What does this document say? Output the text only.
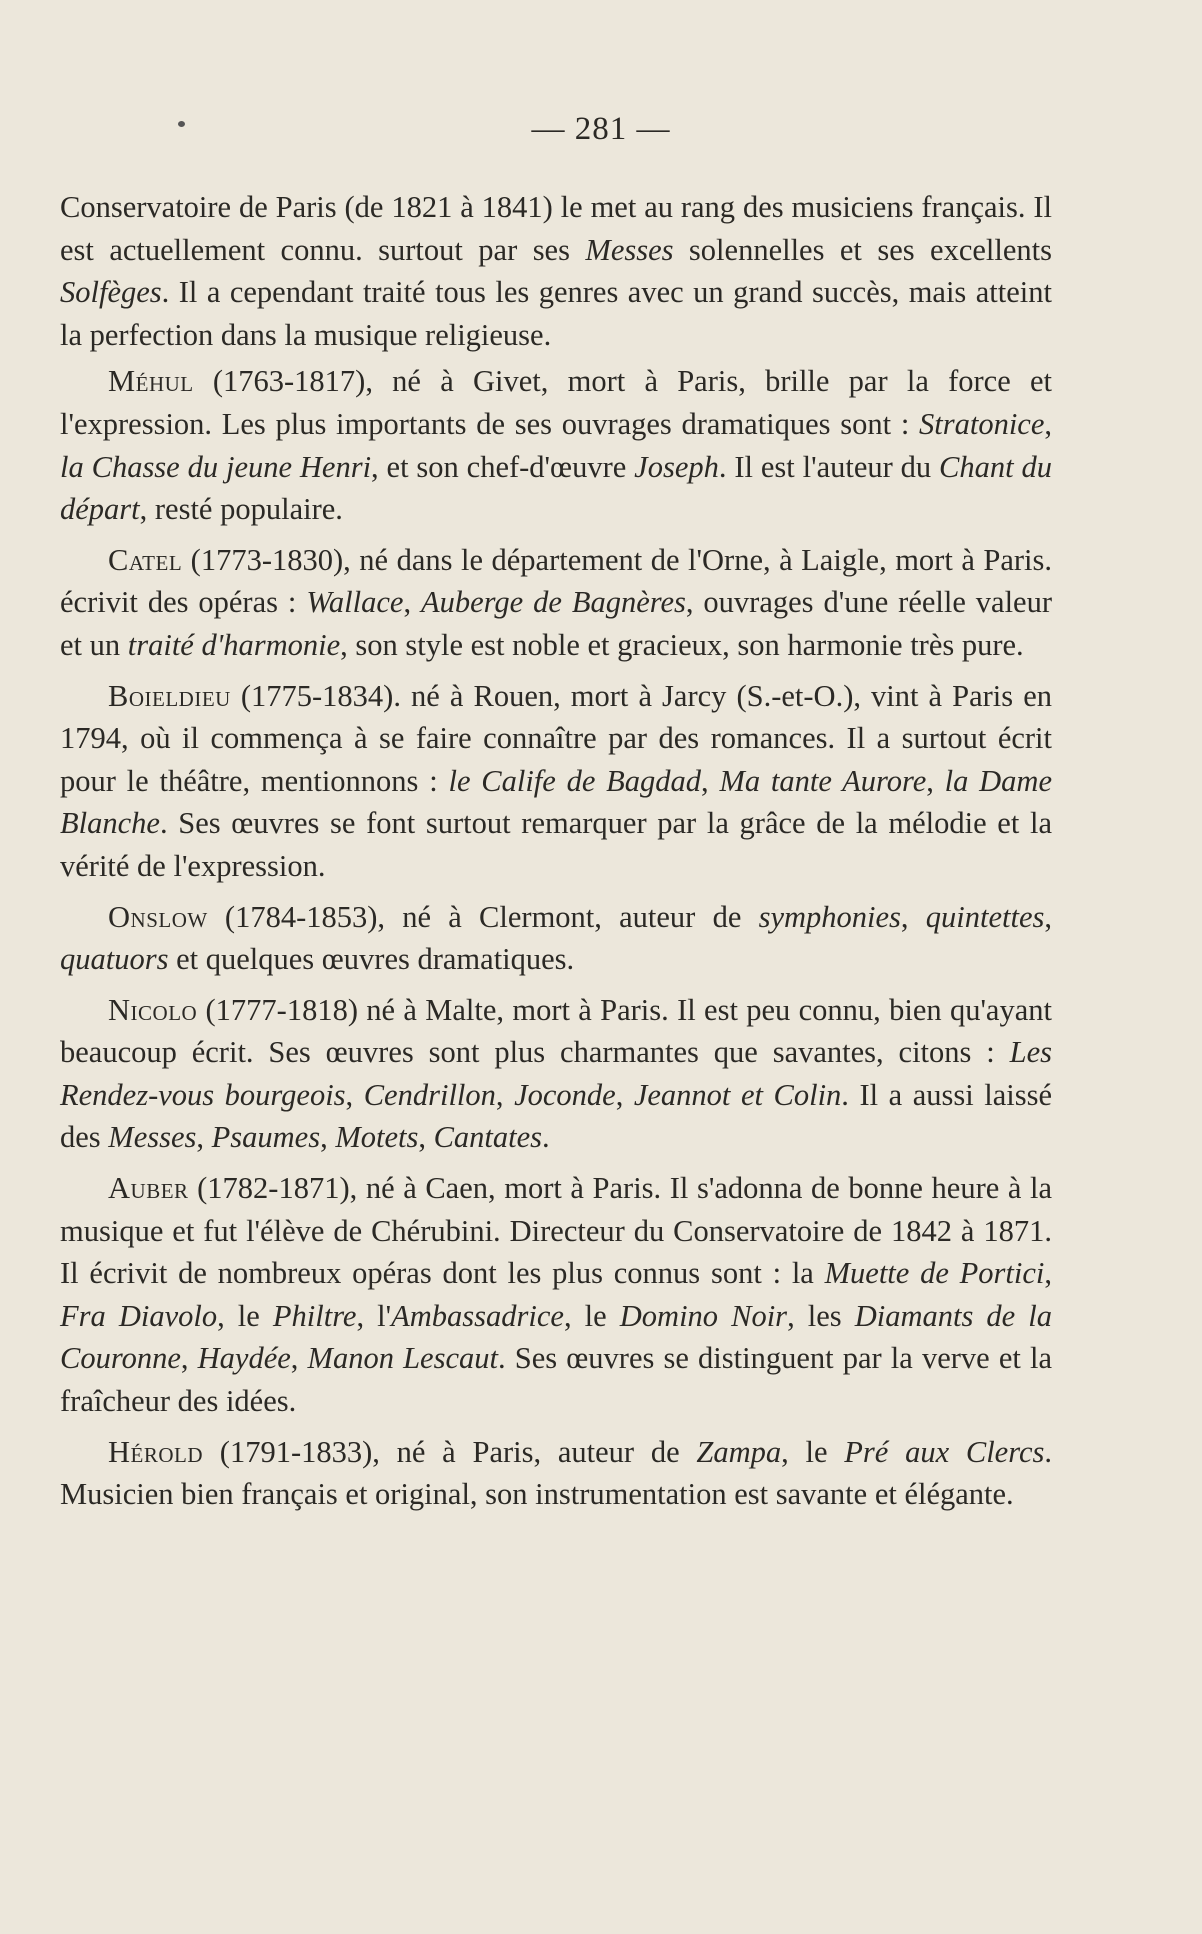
— 281 —

Conservatoire de Paris (de 1821 à 1841) le met au rang des musiciens français. Il est actuellement connu. surtout par ses Messes solennelles et ses excellents Solfèges. Il a cependant traité tous les genres avec un grand succès, mais atteint la perfection dans la musique religieuse.

Méhul (1763-1817), né à Givet, mort à Paris, brille par la force et l'expression. Les plus importants de ses ouvrages dramatiques sont : Stratonice, la Chasse du jeune Henri, et son chef-d'œuvre Joseph. Il est l'auteur du Chant du départ, resté populaire.

Catel (1773-1830), né dans le département de l'Orne, à Laigle, mort à Paris. écrivit des opéras : Wallace, Auberge de Bagnères, ouvrages d'une réelle valeur et un traité d'harmonie, son style est noble et gracieux, son harmonie très pure.

Boieldieu (1775-1834). né à Rouen, mort à Jarcy (S.-et-O.), vint à Paris en 1794, où il commença à se faire connaître par des romances. Il a surtout écrit pour le théâtre, mentionnons : le Calife de Bagdad, Ma tante Aurore, la Dame Blanche. Ses œuvres se font surtout remarquer par la grâce de la mélodie et la vérité de l'expression.

Onslow (1784-1853), né à Clermont, auteur de symphonies, quintettes, quatuors et quelques œuvres dramatiques.

Nicolo (1777-1818) né à Malte, mort à Paris. Il est peu connu, bien qu'ayant beaucoup écrit. Ses œuvres sont plus charmantes que savantes, citons : Les Rendez-vous bourgeois, Cendrillon, Joconde, Jeannot et Colin. Il a aussi laissé des Messes, Psaumes, Motets, Cantates.

Auber (1782-1871), né à Caen, mort à Paris. Il s'adonna de bonne heure à la musique et fut l'élève de Chérubini. Directeur du Conservatoire de 1842 à 1871. Il écrivit de nombreux opéras dont les plus connus sont : la Muette de Portici, Fra Diavolo, le Philtre, l'Ambassadrice, le Domino Noir, les Diamants de la Couronne, Haydée, Manon Lescaut. Ses œuvres se distinguent par la verve et la fraîcheur des idées.

Hérold (1791-1833), né à Paris, auteur de Zampa, le Pré aux Clercs. Musicien bien français et original, son instrumentation est savante et élégante.
